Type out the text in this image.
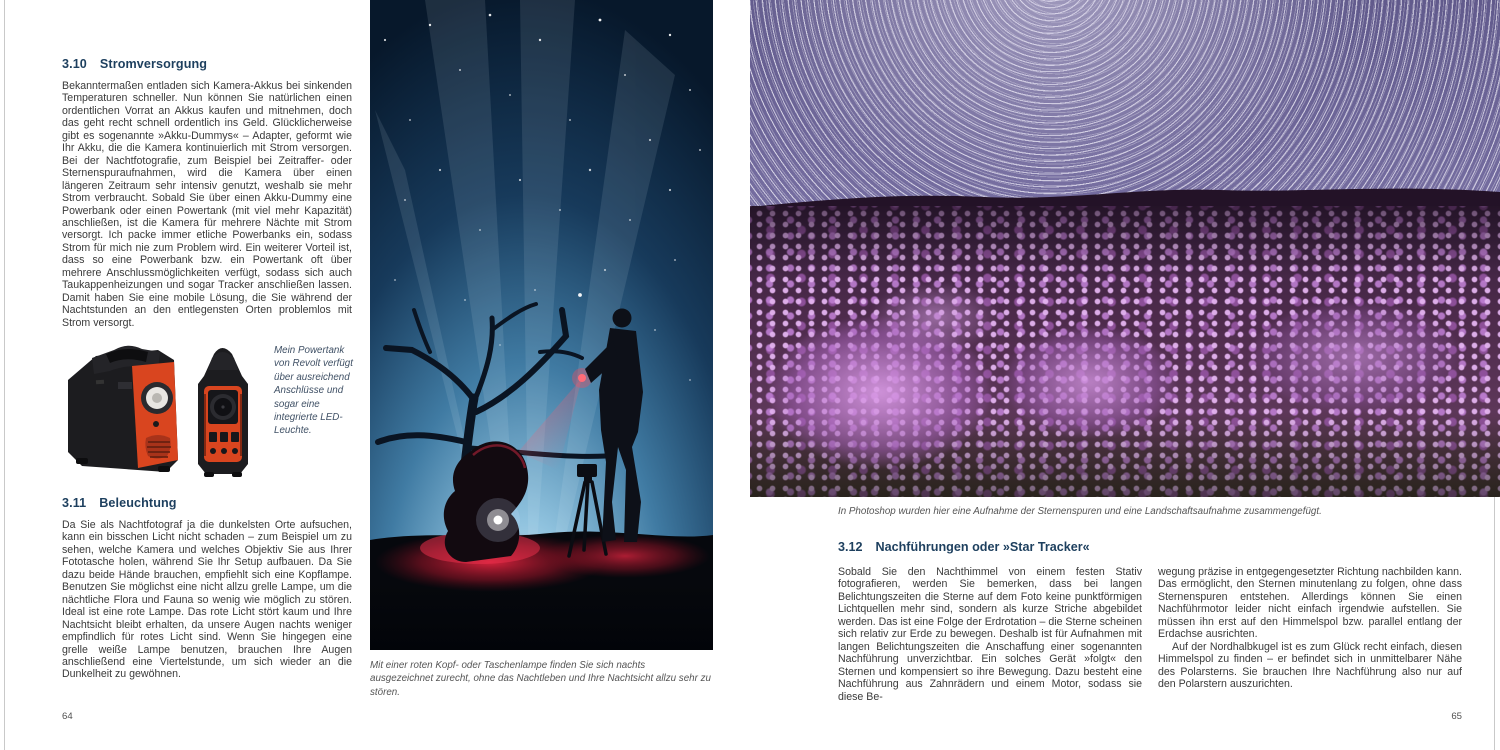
3.10 Stromversorgung
Bekanntermaßen entladen sich Kamera-Akkus bei sinkenden Temperaturen schneller. Nun können Sie natürlichen einen ordentlichen Vorrat an Akkus kaufen und mitnehmen, doch das geht recht schnell ordentlich ins Geld. Glücklicherweise gibt es sogenannte »Akku-Dummys« – Adapter, geformt wie Ihr Akku, die die Kamera kontinuierlich mit Strom versorgen. Bei der Nachtfotografie, zum Beispiel bei Zeitraffer- oder Sternenspuraufnahmen, wird die Kamera über einen längeren Zeitraum sehr intensiv genutzt, weshalb sie mehr Strom verbraucht. Sobald Sie über einen Akku-Dummy eine Powerbank oder einen Powertank (mit viel mehr Kapazität) anschließen, ist die Kamera für mehrere Nächte mit Strom versorgt. Ich packe immer etliche Powerbanks ein, sodass Strom für mich nie zum Problem wird. Ein weiterer Vorteil ist, dass so eine Powerbank bzw. ein Powertank oft über mehrere Anschlussmöglichkeiten verfügt, sodass sich auch Taukappenheizungen und sogar Tracker anschließen lassen. Damit haben Sie eine mobile Lösung, die Sie während der Nachtstunden an den entlegensten Orten problemlos mit Strom versorgt.
Mein Powertank von Revolt verfügt über ausreichend Anschlüsse und sogar eine integrierte LED-Leuchte.
3.11 Beleuchtung
Da Sie als Nachtfotograf ja die dunkelsten Orte aufsuchen, kann ein bisschen Licht nicht schaden – zum Beispiel um zu sehen, welche Kamera und welches Objektiv Sie aus Ihrer Fototasche holen, während Sie Ihr Setup aufbauen. Da Sie dazu beide Hände brauchen, empfiehlt sich eine Kopflampe. Benutzen Sie möglichst eine nicht allzu grelle Lampe, um die nächtliche Flora und Fauna so wenig wie möglich zu stören. Ideal ist eine rote Lampe. Das rote Licht stört kaum und Ihre Nachtsicht bleibt erhalten, da unsere Augen nachts weniger empfindlich für rotes Licht sind. Wenn Sie hingegen eine grelle weiße Lampe benutzen, brauchen Ihre Augen anschließend eine Viertelstunde, um sich wieder an die Dunkelheit zu gewöhnen.
64
Mit einer roten Kopf- oder Taschenlampe finden Sie sich nachts ausgezeichnet zurecht, ohne das Nachtleben und Ihre Nachtsicht allzu sehr zu stören.
In Photoshop wurden hier eine Aufnahme der Sternenspuren und eine Landschaftsaufnahme zusammengefügt.
3.12 Nachführungen oder »Star Tracker«
Sobald Sie den Nachthimmel von einem festen Stativ fotografieren, werden Sie bemerken, dass bei langen Belichtungszeiten die Sterne auf dem Foto keine punktförmigen Lichtquellen mehr sind, sondern als kurze Striche abgebildet werden. Das ist eine Folge der Erdrotation – die Sterne scheinen sich relativ zur Erde zu bewegen. Deshalb ist für Aufnahmen mit langen Belichtungszeiten die Anschaffung einer sogenannten Nachführung unverzichtbar. Ein solches Gerät »folgt« den Sternen und kompensiert so ihre Bewegung. Dazu besteht eine Nachführung aus Zahnrädern und einem Motor, sodass sie diese Be-

wegung präzise in entgegengesetzter Richtung nachbilden kann. Das ermöglicht, den Sternen minutenlang zu folgen, ohne dass Sternenspuren entstehen. Allerdings können Sie einen Nachführmotor leider nicht einfach irgendwie aufstellen. Sie müssen ihn erst auf den Himmelspol bzw. parallel entlang der Erdachse ausrichten.

Auf der Nordhalbkugel ist es zum Glück recht einfach, diesen Himmelspol zu finden – er befindet sich in unmittelbarer Nähe des Polarsterns. Sie brauchen Ihre Nachführung also nur auf den Polarstern auszurichten.

65
